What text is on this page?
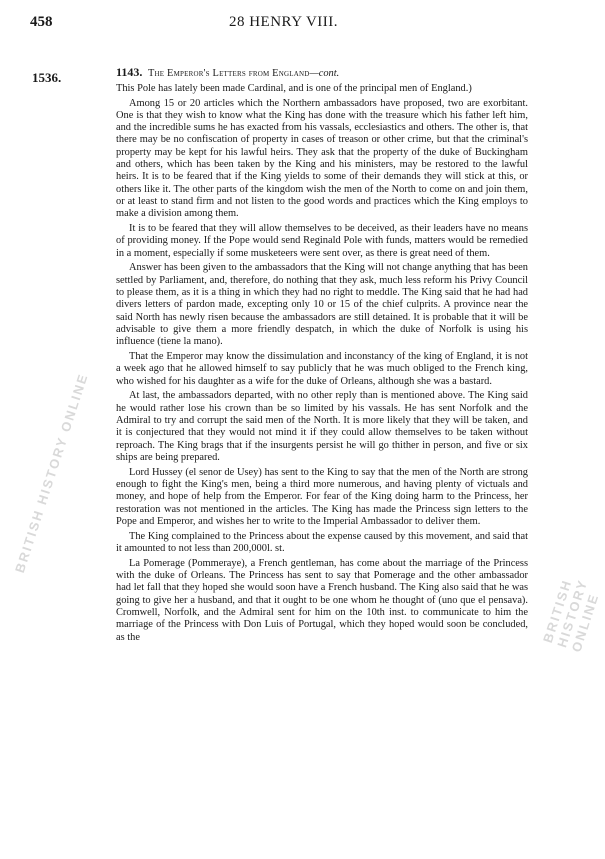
458	28 HENRY VIII.
1536.
BRITISH HISTORY ONLINE
BRITISH HISTORY ONLINE

1143. The Emperor's Letters from England—cont.

This Pole has lately been made Cardinal, and is one of the principal men of England.)

Among 15 or 20 articles which the Northern ambassadors have proposed, two are exorbitant. One is that they wish to know what the King has done with the treasure which his father left him, and the incredible sums he has exacted from his vassals, ecclesiastics and others. The other is, that there may be no confiscation of property in cases of treason or other crime, but that the criminal's property may be kept for his lawful heirs. They ask that the property of the duke of Buckingham and others, which has been taken by the King and his ministers, may be restored to the lawful heirs. It is to be feared that if the King yields to some of their demands they will stick at this, or others like it. The other parts of the kingdom wish the men of the North to come on and join them, or at least to stand firm and not listen to the good words and practices which the King employs to make a division among them.

It is to be feared that they will allow themselves to be deceived, as their leaders have no means of providing money. If the Pope would send Reginald Pole with funds, matters would be remedied in a moment, especially if some musketeers were sent over, as there is great need of them.

Answer has been given to the ambassadors that the King will not change anything that has been settled by Parliament, and, therefore, do nothing that they ask, much less reform his Privy Council to please them, as it is a thing in which they had no right to meddle. The King said that he had had divers letters of pardon made, excepting only 10 or 15 of the chief culprits. A province near the said North has newly risen because the ambassadors are still detained. It is probable that it will be advisable to give them a more friendly despatch, in which the duke of Norfolk is using his influence (tiene la mano).

That the Emperor may know the dissimulation and inconstancy of the king of England, it is not a week ago that he allowed himself to say publicly that he was much obliged to the French king, who wished for his daughter as a wife for the duke of Orleans, although she was a bastard.

At last, the ambassadors departed, with no other reply than is mentioned above. The King said he would rather lose his crown than be so limited by his vassals. He has sent Norfolk and the Admiral to try and corrupt the said men of the North. It is more likely that they will be taken, and it is conjectured that they would not mind it if they could allow themselves to be taken without reproach. The King brags that if the insurgents persist he will go thither in person, and five or six ships are being prepared.

Lord Hussey (el senor de Usey) has sent to the King to say that the men of the North are strong enough to fight the King's men, being a third more numerous, and having plenty of victuals and money, and hope of help from the Emperor. For fear of the King doing harm to the Princess, her restoration was not mentioned in the articles. The King has made the Princess sign letters to the Pope and Emperor, and wishes her to write to the Imperial Ambassador to deliver them.

The King complained to the Princess about the expense caused by this movement, and said that it amounted to not less than 200,000l. st.

La Pomerage (Pommeraye), a French gentleman, has come about the marriage of the Princess with the duke of Orleans. The Princess has sent to say that Pomerage and the other ambassador had let fall that they hoped she would soon have a French husband. The King also said that he was going to give her a husband, and that it ought to be one whom he thought of (uno que el pensava). Cromwell, Norfolk, and the Admiral sent for him on the 10th inst. to communicate to him the marriage of the Princess with Don Luis of Portugal, which they hoped would soon be concluded, as the
